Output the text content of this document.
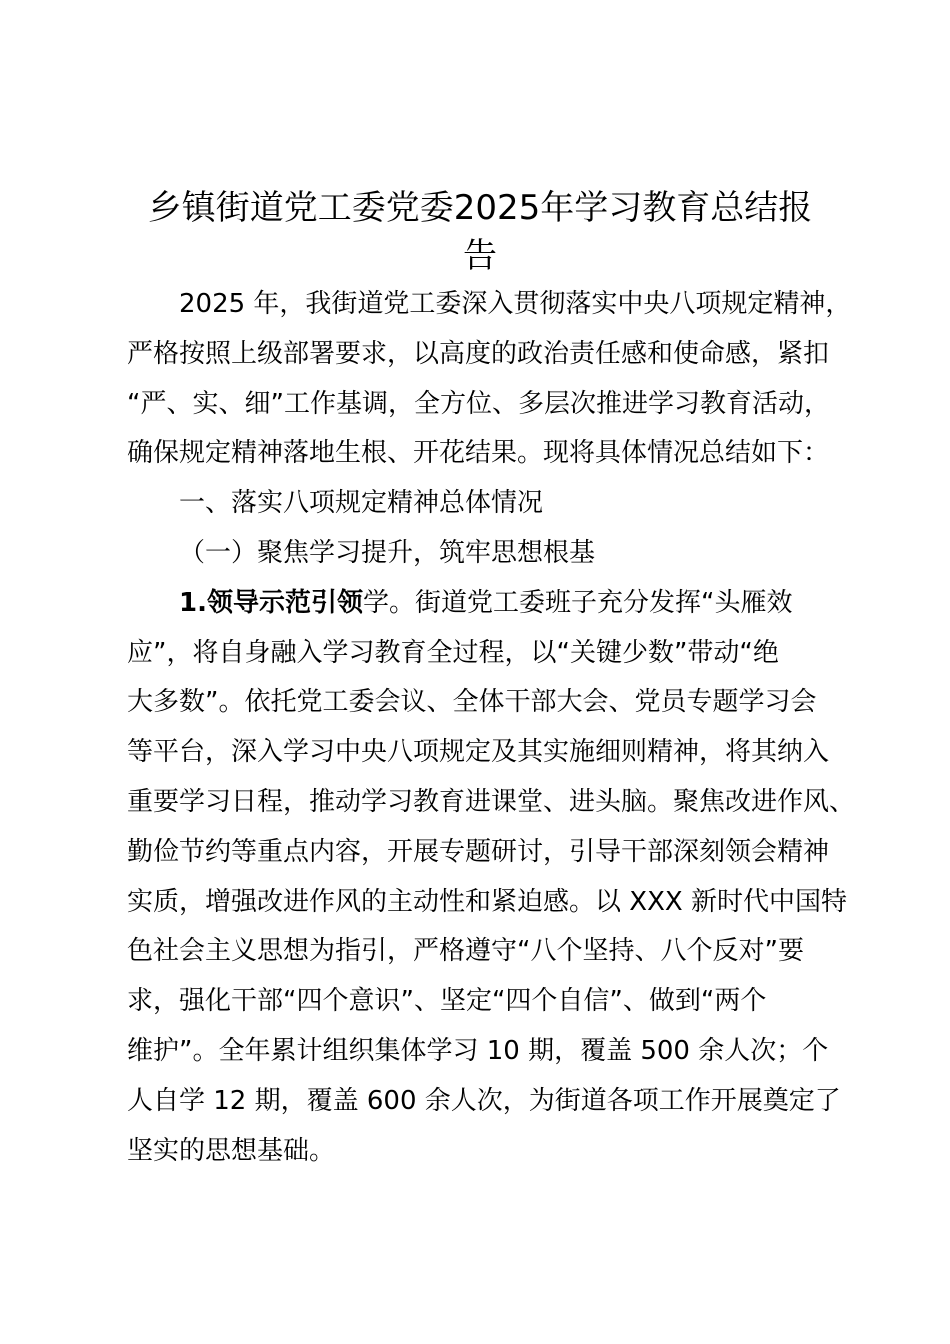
乡镇街道党工委党委2025年学习教育总结报
告
2025 年，我街道党工委深入贯彻落实中央八项规定精神，
严格按照上级部署要求，以高度的政治责任感和使命感，紧扣
“严、实、细”工作基调，全方位、多层次推进学习教育活动，
确保规定精神落地生根、开花结果。现将具体情况总结如下：
一、落实八项规定精神总体情况
（一）聚焦学习提升，筑牢思想根基
1.领导示范引领学。街道党工委班子充分发挥“头雁效
应”，将自身融入学习教育全过程，以“关键少数”带动“绝
大多数”。依托党工委会议、全体干部大会、党员专题学习会
等平台，深入学习中央八项规定及其实施细则精神，将其纳入
重要学习日程，推动学习教育进课堂、进头脑。聚焦改进作风、
勤俭节约等重点内容，开展专题研讨，引导干部深刻领会精神
实质，增强改进作风的主动性和紧迫感。以 XXX 新时代中国特
色社会主义思想为指引，严格遵守“八个坚持、八个反对”要
求，强化干部“四个意识”、坚定“四个自信”、做到“两个
维护”。全年累计组织集体学习 10 期，覆盖 500 余人次；个
人自学 12 期，覆盖 600 余人次，为街道各项工作开展奠定了
坚实的思想基础。
